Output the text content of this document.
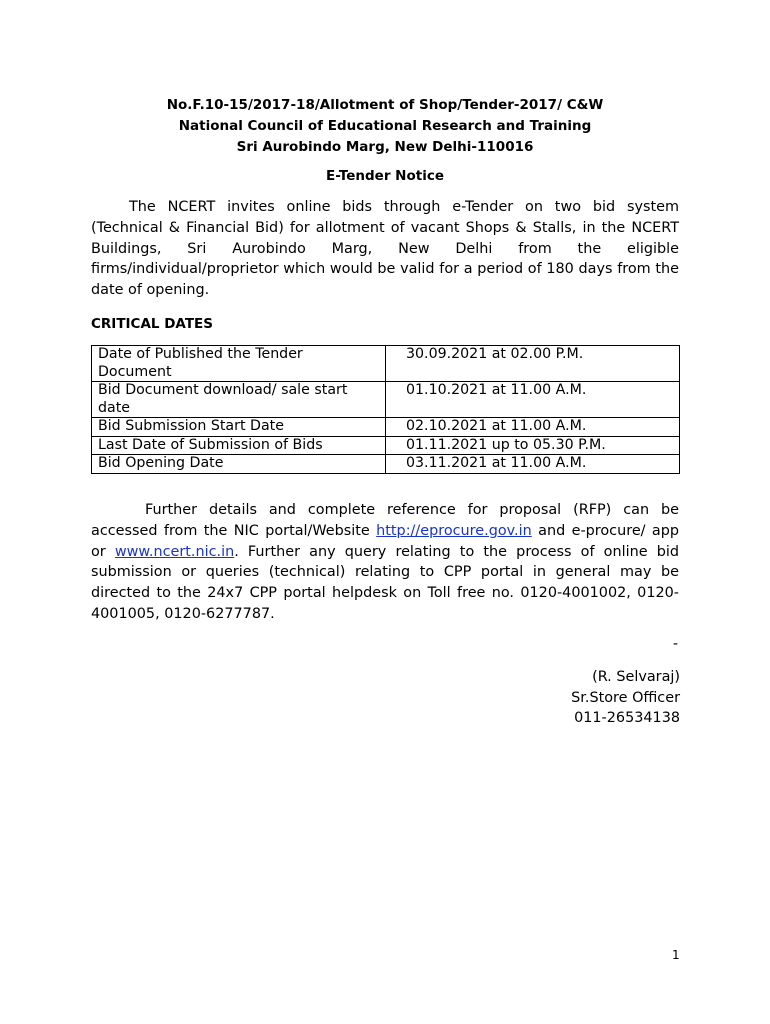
No.F.10-15/2017-18/Allotment of Shop/Tender-2017/ C&W
National Council of Educational Research and Training
Sri Aurobindo Marg, New Delhi-110016
E-Tender Notice
The NCERT invites online bids through e-Tender on two bid system (Technical & Financial Bid) for allotment of vacant Shops & Stalls, in the NCERT Buildings, Sri Aurobindo Marg, New Delhi from the eligible firms/individual/proprietor which would be valid for a period of 180 days from the date of opening.
CRITICAL DATES
Date of Published the Tender Document	30.09.2021 at 02.00 P.M.
Bid Document download/ sale start date	01.10.2021 at 11.00 A.M.
Bid Submission Start Date	02.10.2021 at 11.00 A.M.
Last Date of Submission of Bids	01.11.2021 up to 05.30 P.M.
Bid Opening Date	03.11.2021 at 11.00 A.M.
Further details and complete reference for proposal (RFP) can be accessed from the NIC portal/Website http://eprocure.gov.in and e-procure/ app or www.ncert.nic.in. Further any query relating to the process of online bid submission or queries (technical) relating to CPP portal in general may be directed to the 24x7 CPP portal helpdesk on Toll free no. 0120-4001002, 0120-4001005, 0120-6277787.
-
(R. Selvaraj)
Sr.Store Officer
011-26534138
1
